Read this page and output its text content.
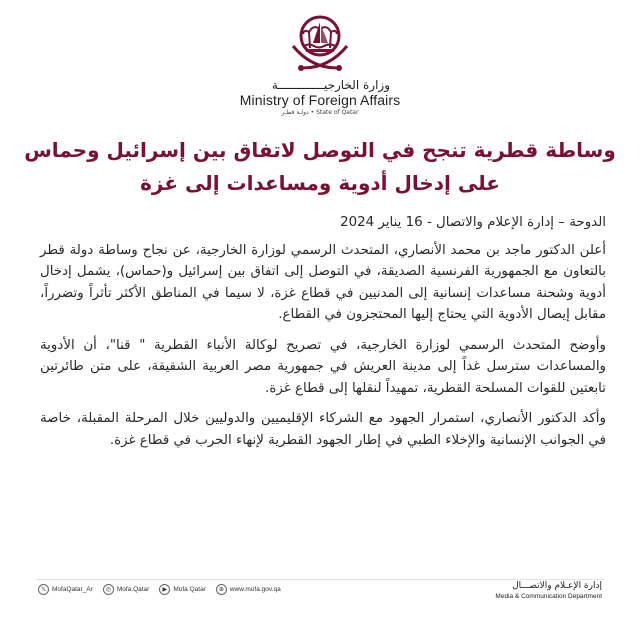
وزارة الخارجيـــــــــــــة
Ministry of Foreign Affairs
State of Qatar • دولـة قطـر
وساطة قطرية تنجح في التوصل لاتفاق بين إسرائيل وحماس
على إدخال أدوية ومساعدات إلى غزة

الدوحة – إدارة الإعلام والاتصال - 16 يناير 2024

أعلن الدكتور ماجد بن محمد الأنصاري، المتحدث الرسمي لوزارة الخارجية، عن نجاح وساطة دولة قطر بالتعاون مع الجمهورية الفرنسية الصديقة، في التوصل إلى اتفاق بين إسرائيل و(حماس)، يشمل إدخال أدوية وشحنة مساعدات إنسانية إلى المدنيين في قطاع غزة، لا سيما في المناطق الأكثر تأثراً وتضرراً، مقابل إيصال الأدوية التي يحتاج إليها المحتجزون في القطاع.

وأوضح المتحدث الرسمي لوزارة الخارجية، في تصريح لوكالة الأنباء القطرية " قنا"، أن الأدوية والمساعدات سترسل غداً إلى مدينة العريش في جمهورية مصر العربية الشقيقة، على متن طائرتين تابعتين للقوات المسلحة القطرية، تمهيداً لنقلها إلى قطاع غزة.

وأكد الدكتور الأنصاري، استمرار الجهود مع الشركاء الإقليميين والدوليين خلال المرحلة المقبلة، خاصة في الجوانب الإنسانية والإخلاء الطبي في إطار الجهود القطرية لإنهاء الحرب في قطاع غزة.

𝕏 MofaQatar_Ar	◎ Mofa.Qatar	▶ Mofa Qatar	⊕ www.mofa.gov.qa	إدارة الإعـلام والاتصـــال
Media & Communication Department
